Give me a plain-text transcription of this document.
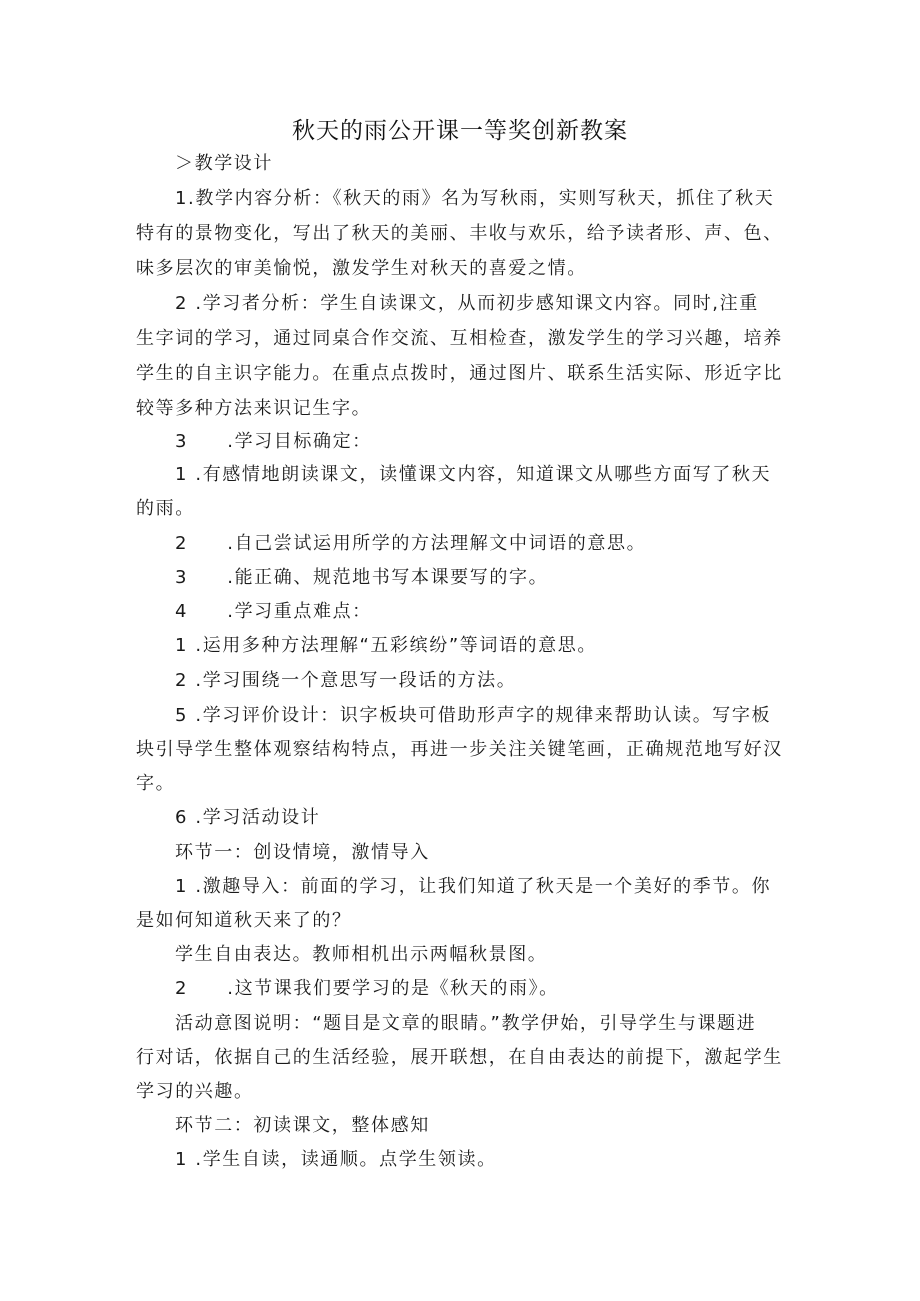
秋天的雨公开课一等奖创新教案
＞教学设计
1.教学内容分析：《秋天的雨》名为写秋雨，实则写秋天，抓住了秋天
特有的景物变化，写出了秋天的美丽、丰收与欢乐，给予读者形、声、色、
味多层次的审美愉悦，激发学生对秋天的喜爱之情。
2 .学习者分析：学生自读课文，从而初步感知课文内容。同时,注重
生字词的学习，通过同桌合作交流、互相检查，激发学生的学习兴趣，培养
学生的自主识字能力。在重点点拨时，通过图片、联系生活实际、形近字比
较等多种方法来识记生字。
3　　.学习目标确定：
1 .有感情地朗读课文，读懂课文内容，知道课文从哪些方面写了秋天
的雨。
2　　.自己尝试运用所学的方法理解文中词语的意思。
3　　.能正确、规范地书写本课要写的字。
4　　.学习重点难点：
1 .运用多种方法理解“五彩缤纷”等词语的意思。
2 .学习围绕一个意思写一段话的方法。
5 .学习评价设计：识字板块可借助形声字的规律来帮助认读。写字板
块引导学生整体观察结构特点，再进一步关注关键笔画，正确规范地写好汉
字。
6 .学习活动设计
环节一：创设情境，激情导入
1 .激趣导入：前面的学习，让我们知道了秋天是一个美好的季节。你
是如何知道秋天来了的？
学生自由表达。教师相机出示两幅秋景图。
2　　.这节课我们要学习的是《秋天的雨》。
活动意图说明：“题目是文章的眼睛。”教学伊始，引导学生与课题进
行对话，依据自己的生活经验，展开联想，在自由表达的前提下，激起学生
学习的兴趣。
环节二：初读课文，整体感知
1 .学生自读，读通顺。点学生领读。
